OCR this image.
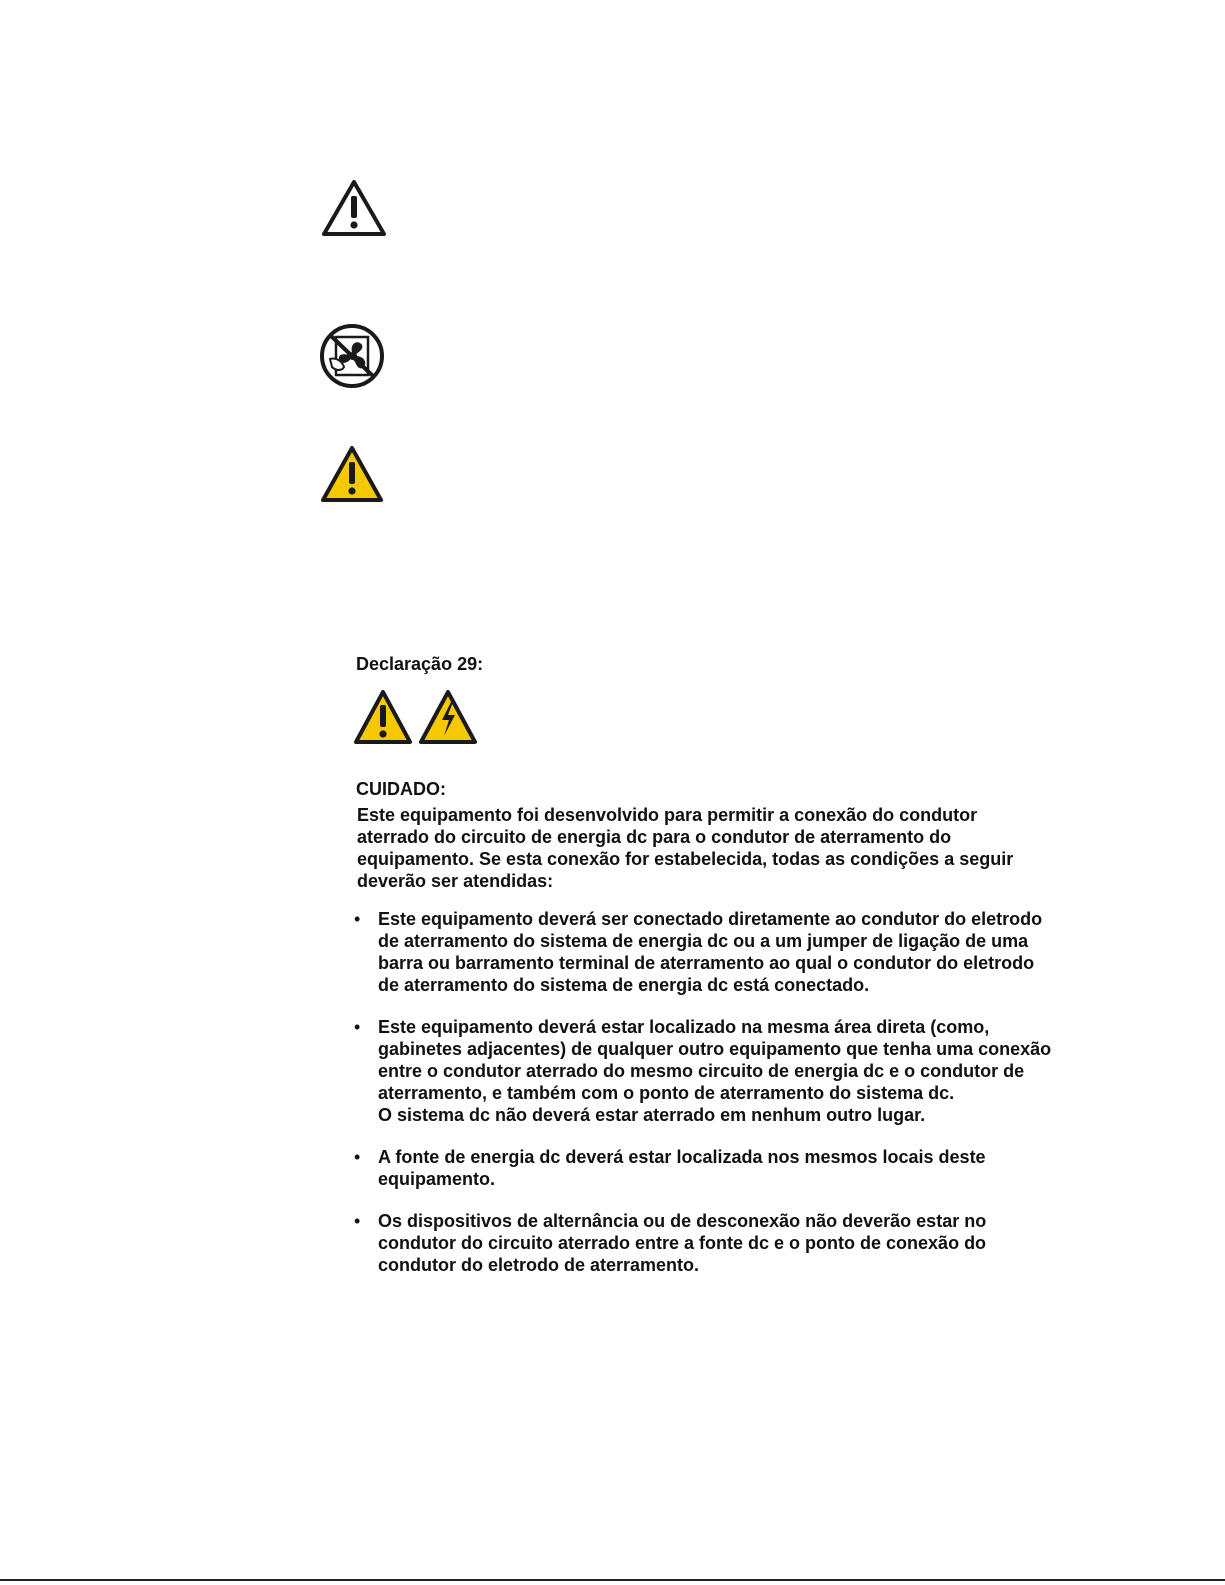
Declaração 29:
CUIDADO:
Este equipamento foi desenvolvido para permitir a conexão do condutor
aterrado do circuito de energia dc para o condutor de aterramento do
equipamento. Se esta conexão for estabelecida, todas as condições a seguir
deverão ser atendidas:
• Este equipamento deverá ser conectado diretamente ao condutor do eletrodo
de aterramento do sistema de energia dc ou a um jumper de ligação de uma
barra ou barramento terminal de aterramento ao qual o condutor do eletrodo
de aterramento do sistema de energia dc está conectado.
• Este equipamento deverá estar localizado na mesma área direta (como,
gabinetes adjacentes) de qualquer outro equipamento que tenha uma conexão
entre o condutor aterrado do mesmo circuito de energia dc e o condutor de
aterramento, e também com o ponto de aterramento do sistema dc.
O sistema dc não deverá estar aterrado em nenhum outro lugar.
• A fonte de energia dc deverá estar localizada nos mesmos locais deste
equipamento.
• Os dispositivos de alternância ou de desconexão não deverão estar no
condutor do circuito aterrado entre a fonte dc e o ponto de conexão do
condutor do eletrodo de aterramento.
